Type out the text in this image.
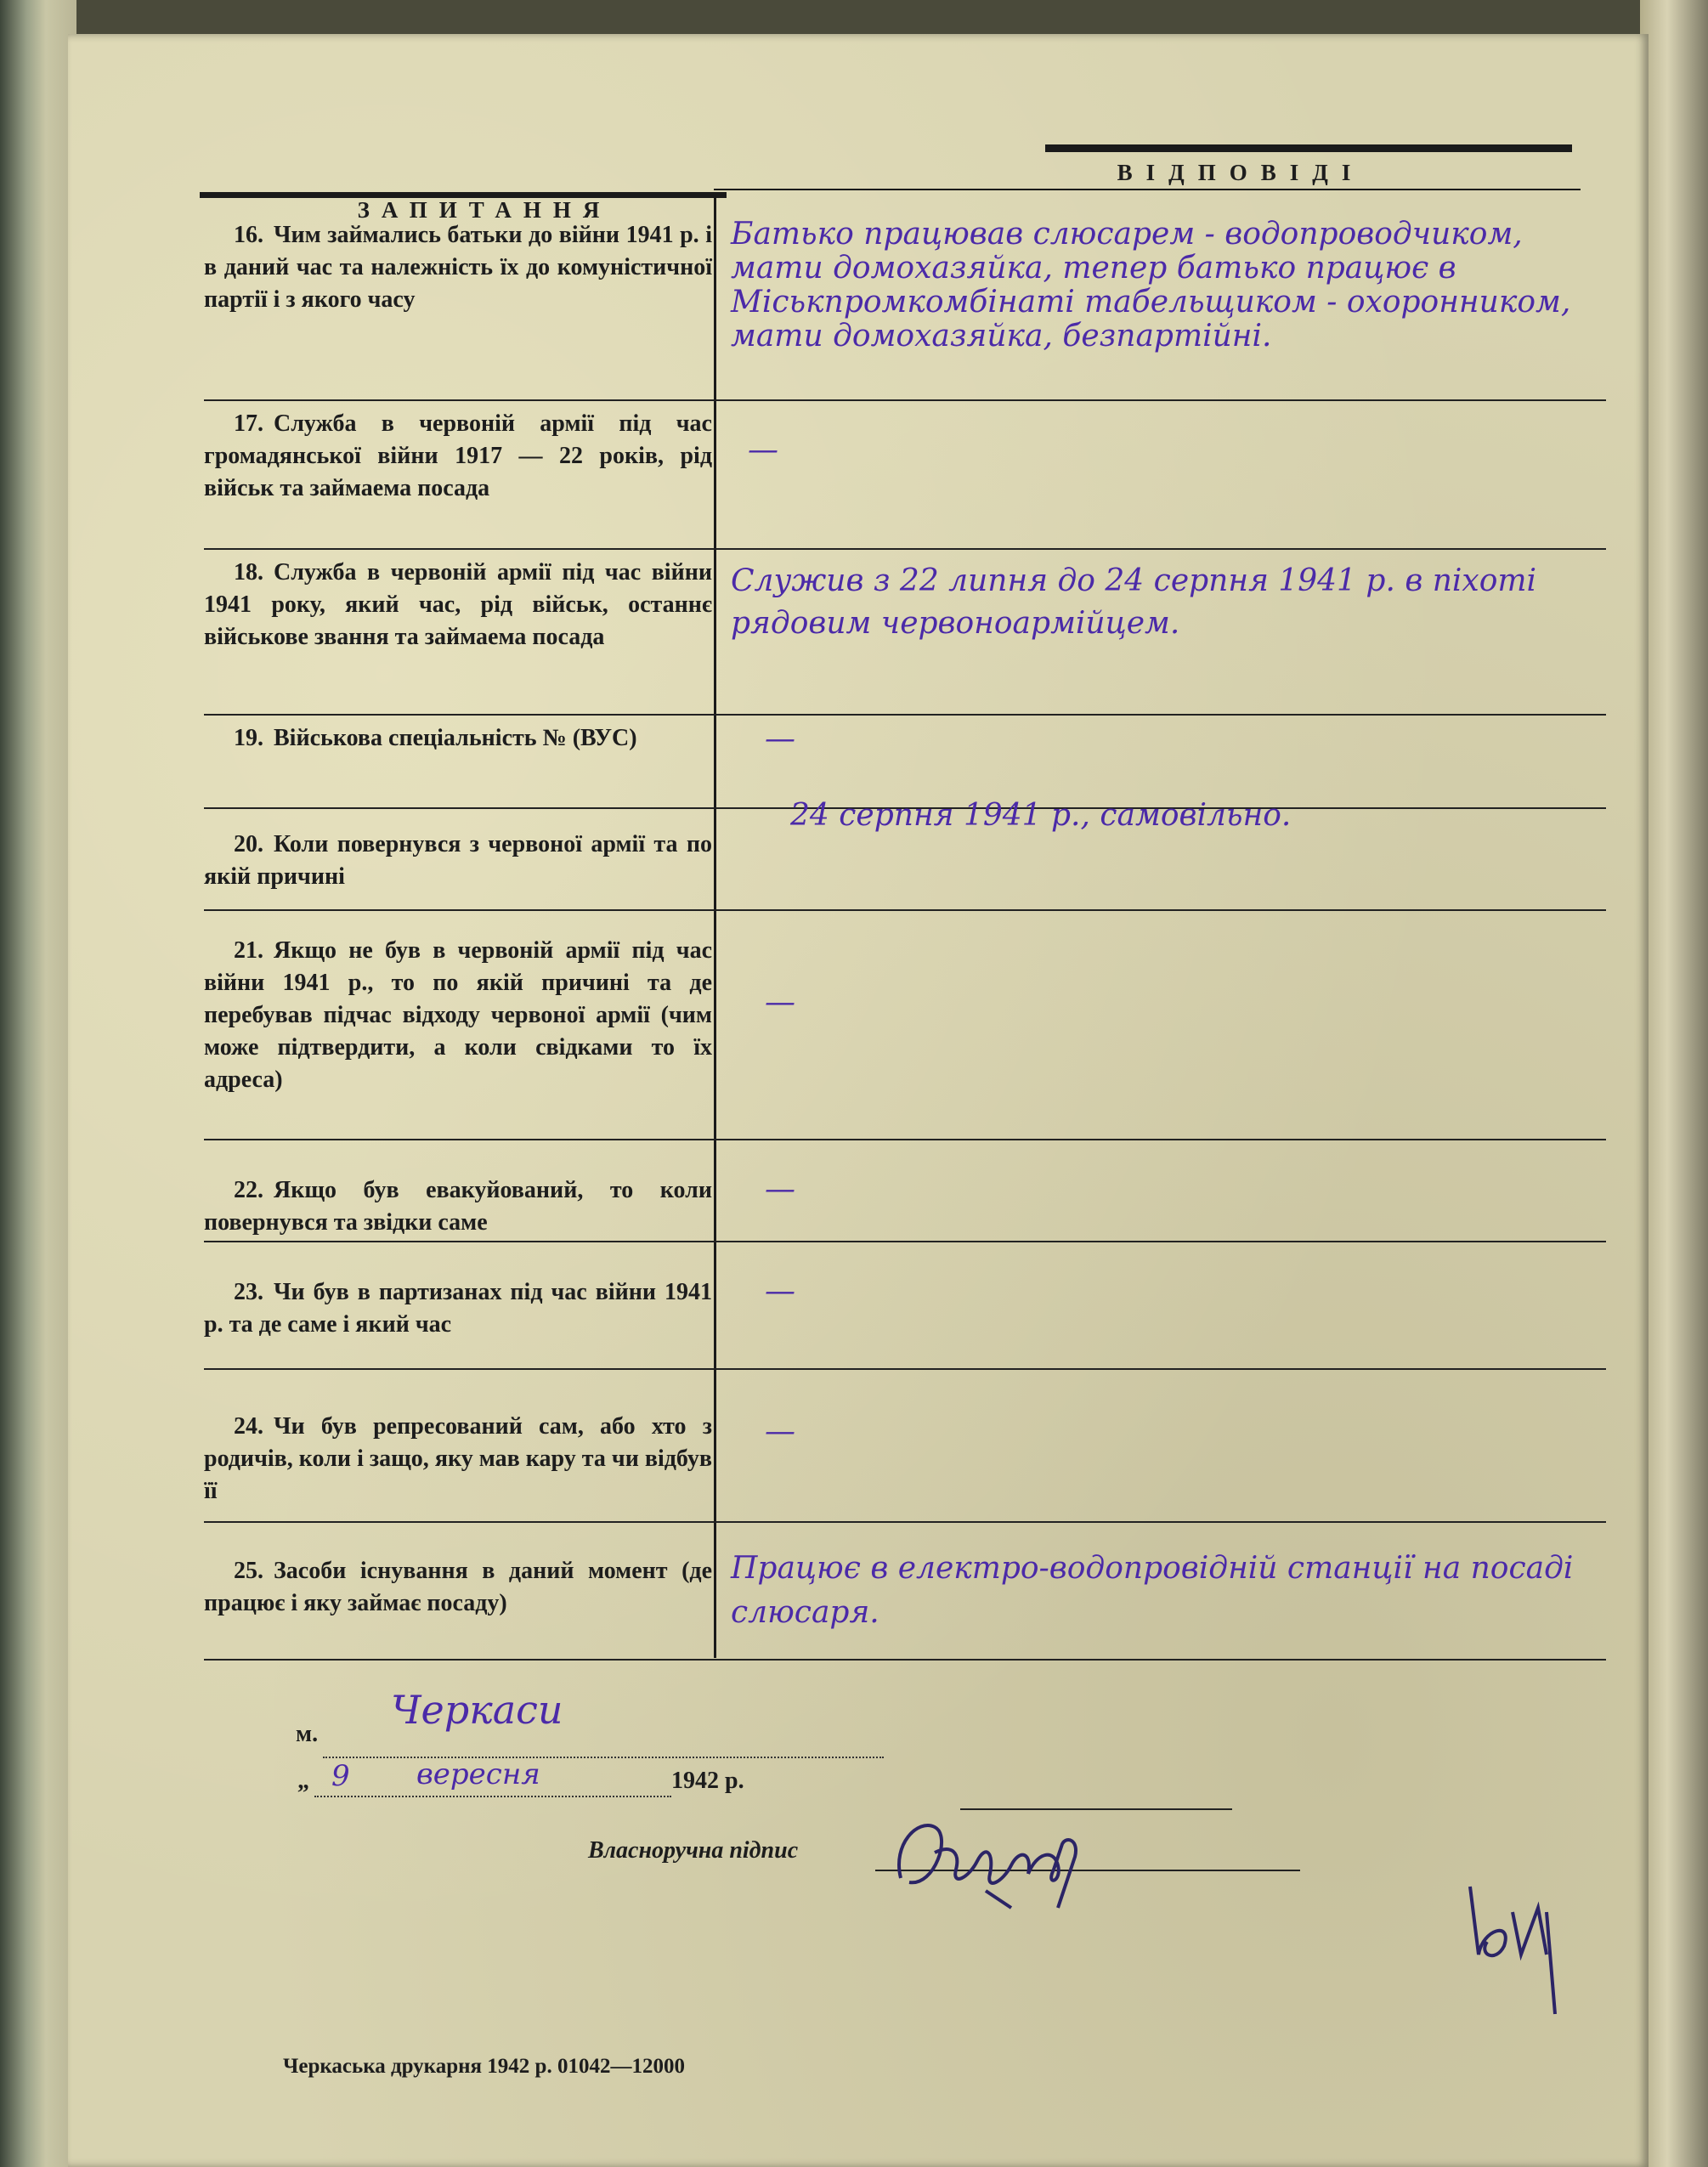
ЗАПИТАННЯ
ВІДПОВІДІ
16. Чим займались батьки до війни 1941 р. і в даний час та належність їх до комуністичної партії і з якого часу
Батько працював слюсарем - водопроводчиком, мати домохазяйка, тепер батько працює в Міськпромкомбінаті табельщиком - охоронником, мати домохазяйка, безпартійні.
17. Служба в червоній армії під час громадянської війни 1917 — 22 років, рід військ та займаема посада
—
18. Служба в червоній армії під час війни 1941 року, який час, рід військ, останнє військове звання та займаема посада
Служив з 22 липня до 24 серпня 1941 р. в піхоті рядовим червоноармійцем.
19. Військова спеціальність № (ВУС)	—
20. Коли повернувся з червоної армії та по якій причині
24 серпня 1941 р., самовільно.
21. Якщо не був в червоній армії під час війни 1941 р., то по якій причині та де перебував підчас відходу червоної армії (чим може підтвердити, а коли свідками то їх адреса)
—
22. Якщо був евакуйований, то коли повернувся та звідки саме
—
23. Чи був в партизанах під час війни 1941 р. та де саме і який час
—
24. Чи був репресований сам, або хто з родичів, коли і защо, яку мав кару та чи відбув її
—
25. Засоби існування в даний момент (де працює і яку займає посаду)
Працює в електро-водопровідній станції на посаді слюсаря.
м.
Черкаси
„ 9 вересня	1942 р.
Власноручна підпис
Черкаська друкарня 1942 р. 01042—12000
